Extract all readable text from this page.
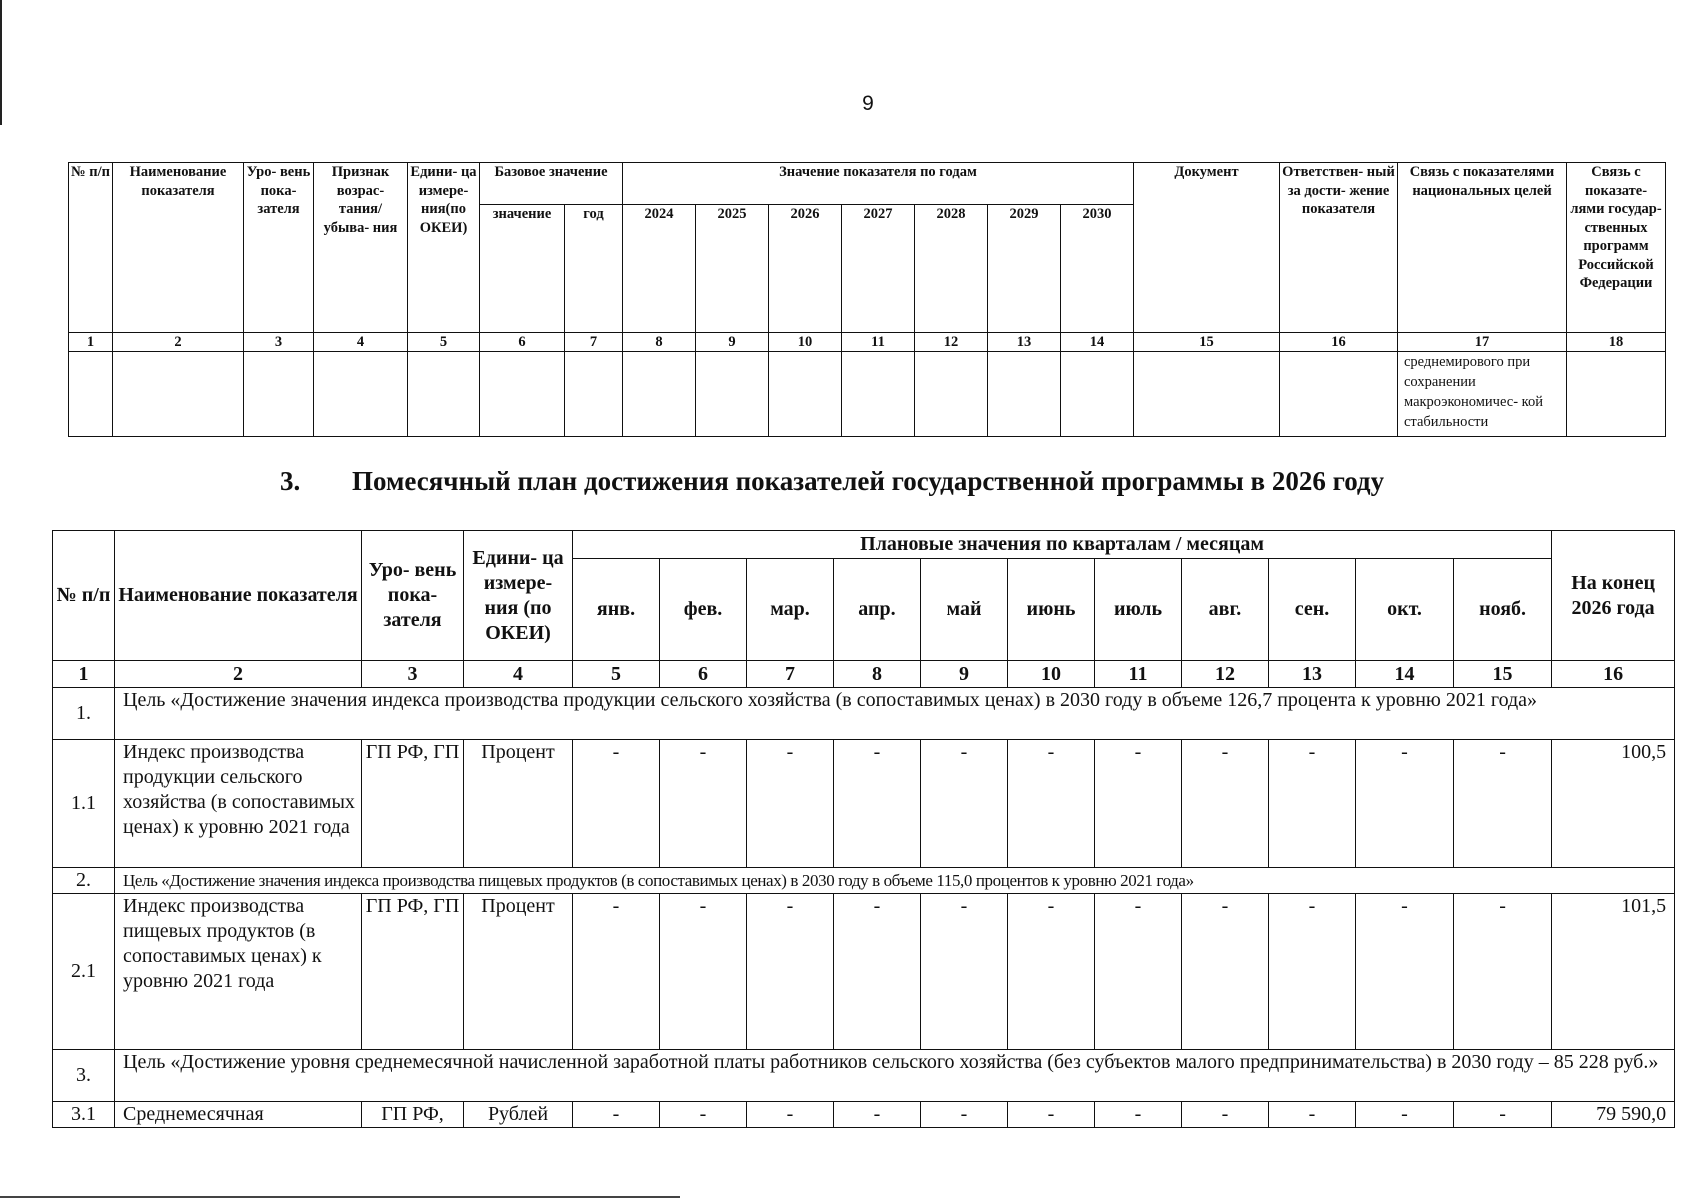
9
№ п/п	Наименование показателя	Уро- вень пока- зателя	Признак возрас- тания/ убыва- ния	Едини- ца измере- ния(по ОКЕИ)	Базовое значение		Значение показателя по годам							Документ	Ответствен- ный за дости- жение показателя	Связь с показателями национальных целей	Связь с показате- лями государ- ственных программ Российской Федерации
					значение	год	2024	2025	2026	2027	2028	2029	2030				
1	2	3	4	5	6	7	8	9	10	11	12	13	14	15	16	17	18
																среднемирового при сохранении макроэкономичес- кой стабильности	
3. Помесячный план достижения показателей государственной программы в 2026 году
№ п/п	Наименование показателя	Уро- вень пока- зателя	Едини- ца измере- ния (по ОКЕИ)	Плановые значения по кварталам / месяцам											На конец 2026 года
				янв.	фев.	мар.	апр.	май	июнь	июль	авг.	сен.	окт.	нояб.	
1	2	3	4	5	6	7	8	9	10	11	12	13	14	15	16
1.	Цель «Достижение значения индекса производства продукции сельского хозяйства (в сопоставимых ценах) в 2030 году в объеме 126,7 процента к уровню 2021 года»														
1.1	Индекс производства продукции сельского хозяйства (в сопоставимых ценах) к уровню 2021 года	ГП РФ, ГП	Процент	-	-	-	-	-	-	-	-	-	-	-	100,5
2.	Цель «Достижение значения индекса производства пищевых продуктов (в сопоставимых ценах) в 2030 году в объеме 115,0 процентов к уровню 2021 года»														
2.1	Индекс производства пищевых продуктов (в сопоставимых ценах) к уровню 2021 года	ГП РФ, ГП	Процент	-	-	-	-	-	-	-	-	-	-	-	101,5
3.	Цель «Достижение уровня среднемесячной начисленной заработной платы работников сельского хозяйства (без субъектов малого предпринимательства) в 2030 году – 85 228 руб.»														
3.1	Среднемесячная	ГП РФ,	Рублей	-	-	-	-	-	-	-	-	-	-	-	79 590,0
